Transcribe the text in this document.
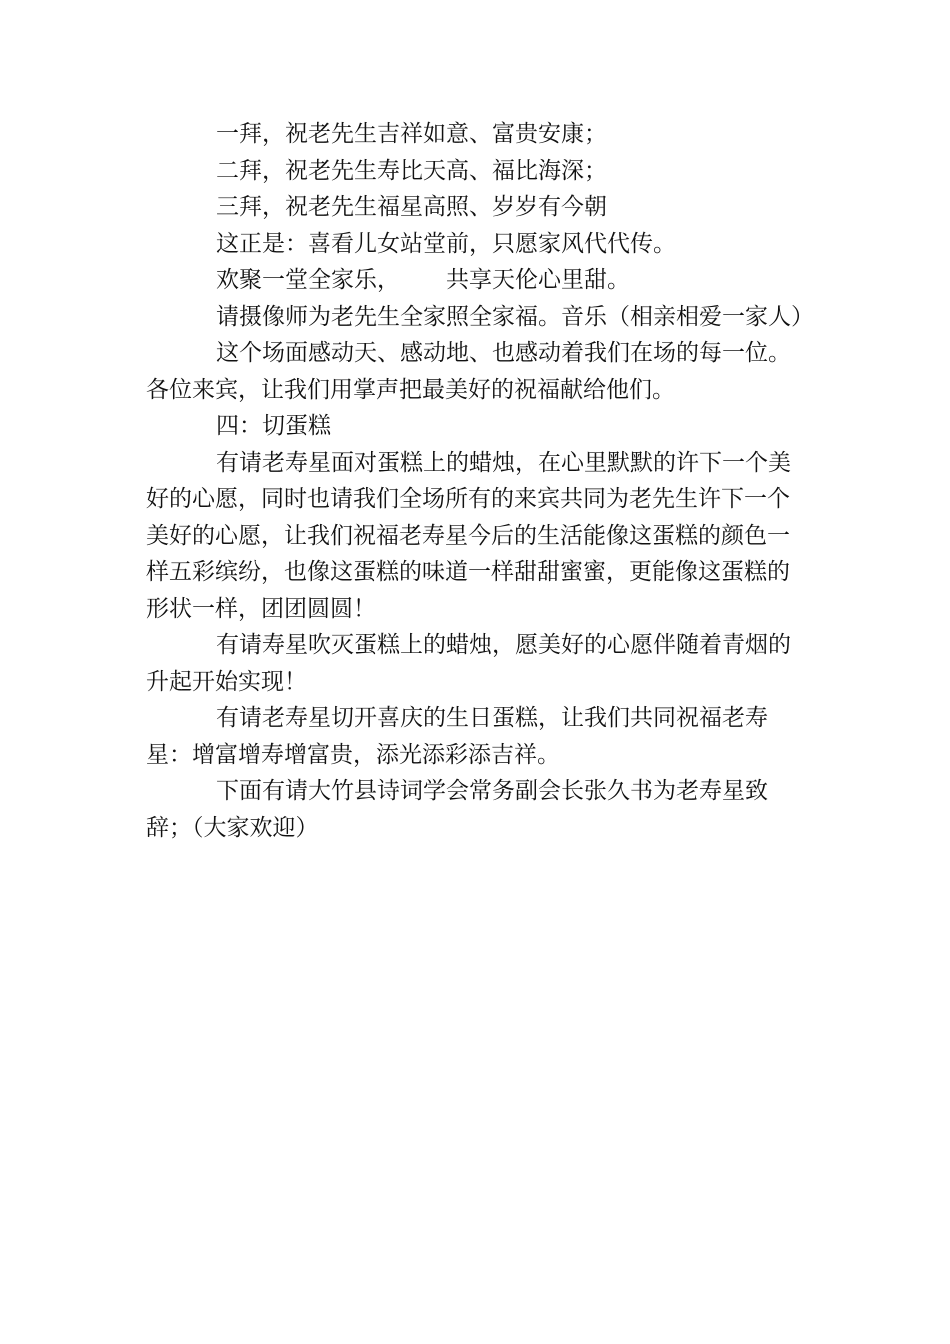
一拜，祝老先生吉祥如意、富贵安康；

二拜，祝老先生寿比天高、福比海深；

三拜，祝老先生福星高照、岁岁有今朝

这正是：喜看儿女站堂前，只愿家风代代传。

欢聚一堂全家乐， 共享天伦心里甜。

请摄像师为老先生全家照全家福。音乐（相亲相爱一家人）

这个场面感动天、感动地、也感动着我们在场的每一位。各位来宾，让我们用掌声把最美好的祝福献给他们。

四：切蛋糕

有请老寿星面对蛋糕上的蜡烛，在心里默默的许下一个美好的心愿，同时也请我们全场所有的来宾共同为老先生许下一个美好的心愿，让我们祝福老寿星今后的生活能像这蛋糕的颜色一样五彩缤纷，也像这蛋糕的味道一样甜甜蜜蜜，更能像这蛋糕的形状一样，团团圆圆！

有请寿星吹灭蛋糕上的蜡烛，愿美好的心愿伴随着青烟的升起开始实现！

有请老寿星切开喜庆的生日蛋糕，让我们共同祝福老寿星：增富增寿增富贵，添光添彩添吉祥。

下面有请大竹县诗词学会常务副会长张久书为老寿星致辞；（大家欢迎）
